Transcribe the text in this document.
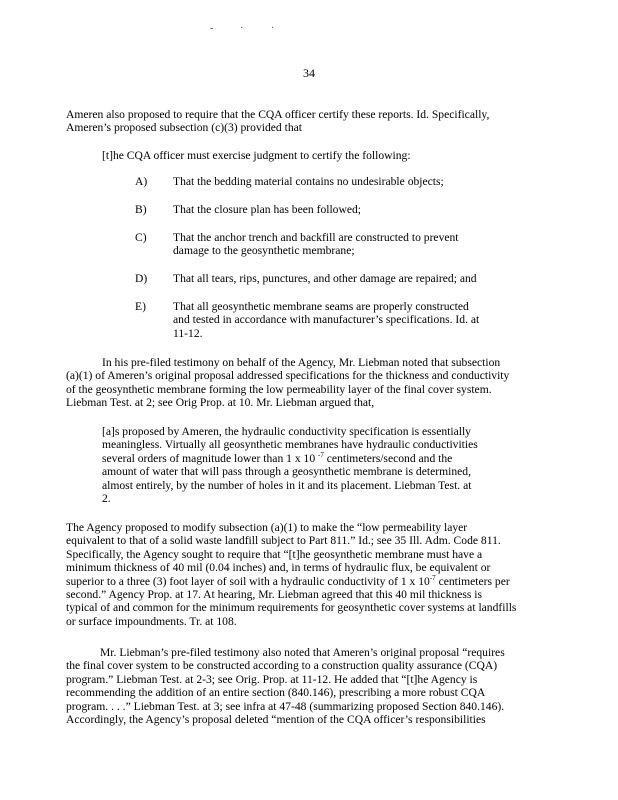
-	·	·
34
Ameren also proposed to require that the CQA officer certify these reports. Id. Specifically,
Ameren’s proposed subsection (c)(3) provided that
[t]he CQA officer must exercise judgment to certify the following:
A)	That the bedding material contains no undesirable objects;
B)	That the closure plan has been followed;
C)	That the anchor trench and backfill are constructed to prevent
damage to the geosynthetic membrane;
D)	That all tears, rips, punctures, and other damage are repaired; and
E)	That all geosynthetic membrane seams are properly constructed
and tested in accordance with manufacturer’s specifications. Id. at
11-12.
In his pre-filed testimony on behalf of the Agency, Mr. Liebman noted that subsection
(a)(1) of Ameren’s original proposal addressed specifications for the thickness and conductivity
of the geosynthetic membrane forming the low permeability layer of the final cover system.
Liebman Test. at 2; see Orig Prop. at 10. Mr. Liebman argued that,
[a]s proposed by Ameren, the hydraulic conductivity specification is essentially
meaningless. Virtually all geosynthetic membranes have hydraulic conductivities
several orders of magnitude lower than 1 x 10 $^{-7}$ centimeters/second and the
amount of water that will pass through a geosynthetic membrane is determined,
almost entirely, by the number of holes in it and its placement. Liebman Test. at
2.
The Agency proposed to modify subsection (a)(1) to make the “low permeability layer
equivalent to that of a solid waste landfill subject to Part 811.” Id.; see 35 Ill. Adm. Code 811.
Specifically, the Agency sought to require that “[t]he geosynthetic membrane must have a
minimum thickness of 40 mil (0.04 inches) and, in terms of hydraulic flux, be equivalent or
superior to a three (3) foot layer of soil with a hydraulic conductivity of 1 x $10^{-7}$ centimeters per
second.” Agency Prop. at 17. At hearing, Mr. Liebman agreed that this 40 mil thickness is
typical of and common for the minimum requirements for geosynthetic cover systems at landfills
or surface impoundments. Tr. at 108.
Mr. Liebman’s pre-filed testimony also noted that Ameren’s original proposal “requires
the final cover system to be constructed according to a construction quality assurance (CQA)
program.” Liebman Test. at 2-3; see Orig. Prop. at 11-12. He added that “[t]he Agency is
recommending the addition of an entire section (840.146), prescribing a more robust CQA
program. . . .” Liebman Test. at 3; see infra at 47-48 (summarizing proposed Section 840.146).
Accordingly, the Agency’s proposal deleted “mention of the CQA officer’s responsibilities
